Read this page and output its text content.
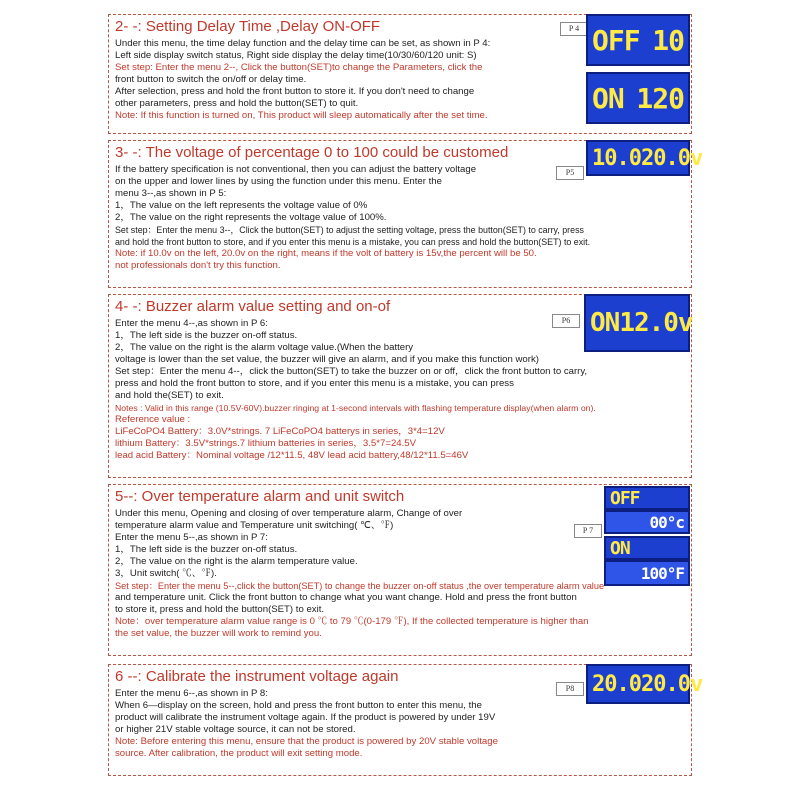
2- -: Setting Delay Time ,Delay ON-OFF

Under this menu, the time delay function and the delay time can be set, as shown in P 4:

Left side display switch status, Right side display the delay time(10/30/60/120 unit: S)

Set step: Enter the menu 2--, Click the button(SET)to change the Parameters, click the

front button to switch the on/off or delay time.

After selection, press and hold the front button to store it. If you don't need to change

other parameters, press and hold the button(SET) to quit.

Note: If this function is turned on, This product will sleep automatically after the set time.

P 4 OFF 10
ON 120
3- -: The voltage of percentage 0 to 100 could be customed

If the battery specification is not conventional, then you can adjust the battery voltage

on the upper and lower lines by using the function under this menu. Enter the

menu 3--,as shown in P 5:

1，The value on the left represents the voltage value of 0%

2，The value on the right represents the voltage value of 100%.

Set step：Enter the menu 3--，Click the button(SET) to adjust the setting voltage, press the button(SET) to carry, press

and hold the front button to store, and if you enter this menu is a mistake, you can press and hold the button(SET) to exit.

Note: if 10.0v on the left, 20.0v on the right, means if the volt of battery is 15v,the percent will be 50.

not professionals don't try this function.

P5
10.0 20.0v
4- -: Buzzer alarm value setting and on-of

Enter the menu 4--,as shown in P 6:

1，The left side is the buzzer on-off status.

2，The value on the right is the alarm voltage value.(When the battery

voltage is lower than the set value, the buzzer will give an alarm, and if you make this function work)

Set step：Enter the menu 4--，click the button(SET) to take the buzzer on or off，click the front button to carry,

press and hold the front button to store, and if you enter this menu is a mistake, you can press

and hold the(SET) to exit.

Notes : Valid in this range (10.5V-60V).buzzer ringing at 1-second intervals with flashing temperature display(when alarm on).

Reference value :

LiFeCoPO4 Battery：3.0V*strings. 7 LiFeCoPO4 batterys in series，3*4=12V

lithium Battery：3.5V*strings.7 lithium batteries in series，3.5*7=24.5V

lead acid Battery：Nominal voltage /12*11.5, 48V lead acid battery,48/12*11.5=46V

P6 ON 12.0v
5--: Over temperature alarm and unit switch

Under this menu, Opening and closing of over temperature alarm, Change of over

temperature alarm value and Temperature unit switching( ℃、℉)

Enter the menu 5--,as shown in P 7:

1，The left side is the buzzer on-off status.

2，The value on the right is the alarm temperature value.

3，Unit switch( ℃、℉).

Set step：Enter the menu 5--,click the button(SET) to change the buzzer on-off status ,the over temperature alarm value

and temperature unit. Click the front button to change what you want change. Hold and press the front button

to store it, press and hold the button(SET) to exit.

Note：over temperature alarm value range is 0 ℃ to 79 ℃(0-179 ℉), If the collected temperature is higher than

the set value, the buzzer will work to remind you.

P 7
OFF
00°c
ON
100°F
6 --: Calibrate the instrument voltage again

Enter the menu 6--,as shown in P 8:

When 6—display on the screen, hold and press the front button to enter this menu, the

product will calibrate the instrument voltage again. If the product is powered by under 19V

or higher 21V stable voltage source, it can not be stored.

Note: Before entering this menu, ensure that the product is powered by 20V stable voltage

source. After calibration, the product will exit setting mode.

P8 20.0 20.0v
